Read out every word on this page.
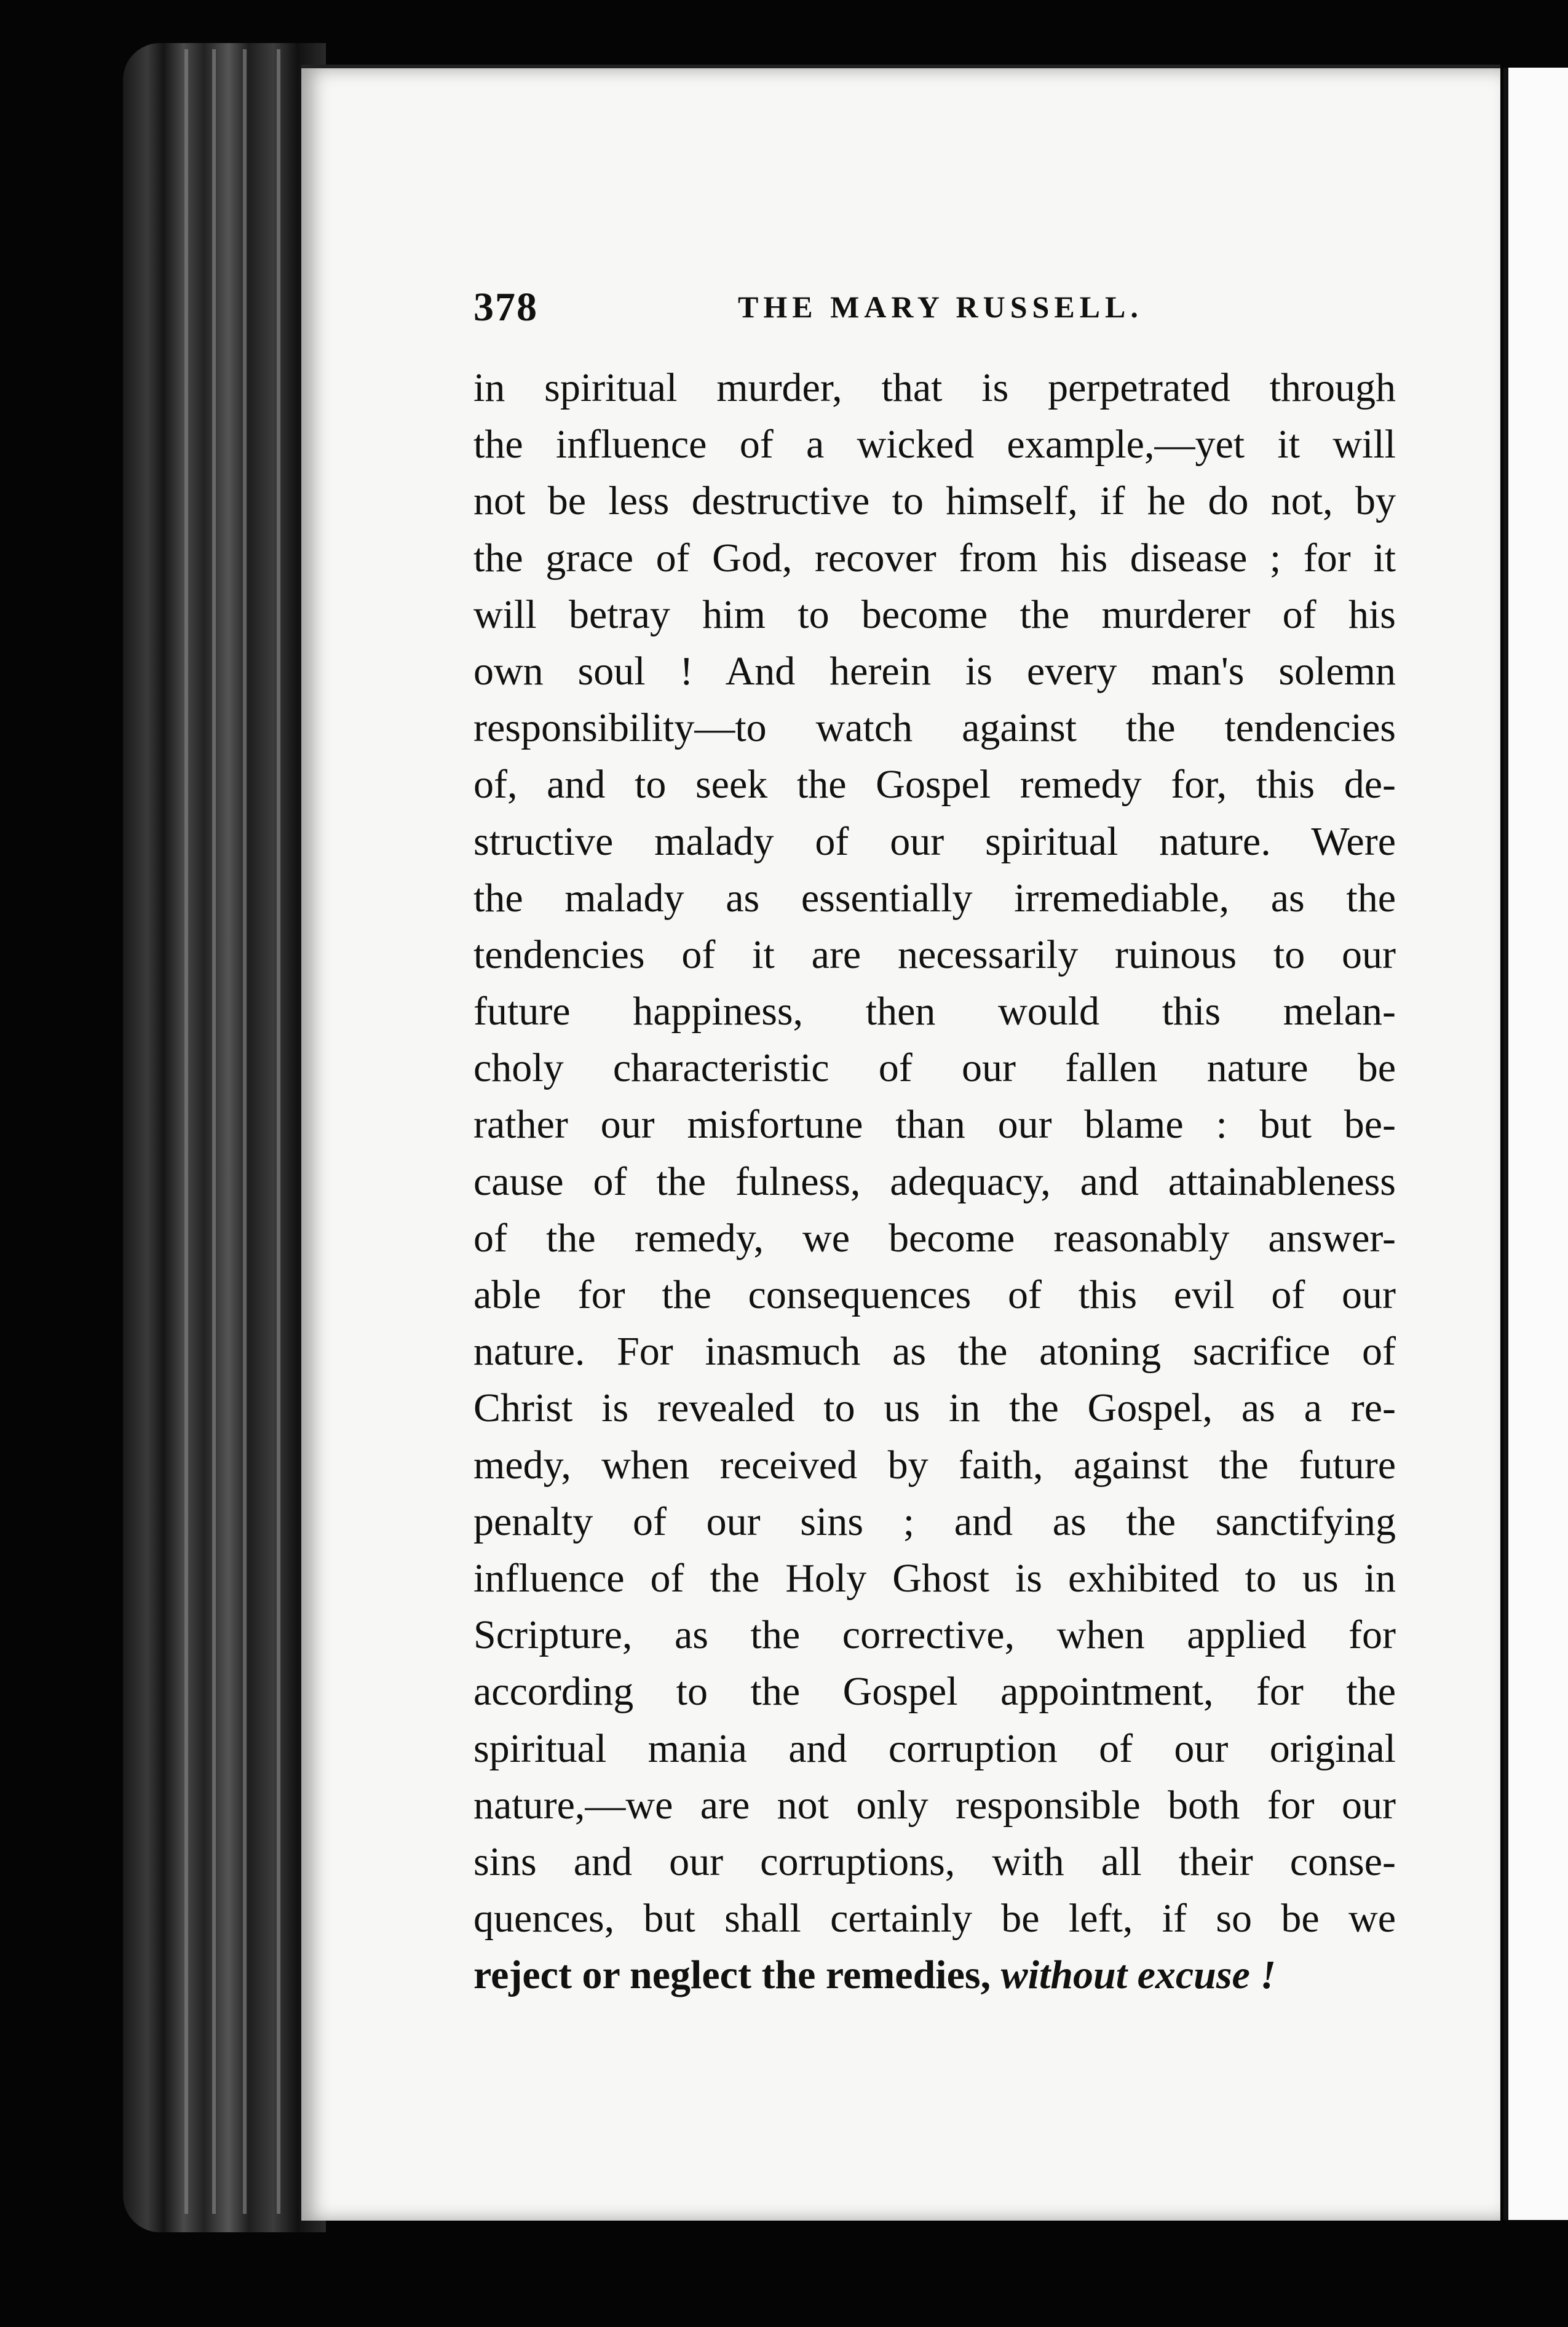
378	THE MARY RUSSELL.
in spiritual murder, that is perpetrated through
the influence of a wicked example,—yet it will
not be less destructive to himself, if he do not, by
the grace of God, recover from his disease ; for it
will betray him to become the murderer of his
own soul ! And herein is every man's solemn
responsibility—to watch against the tendencies
of, and to seek the Gospel remedy for, this de-
structive malady of our spiritual nature. Were
the malady as essentially irremediable, as the
tendencies of it are necessarily ruinous to our
future happiness, then would this melan-
choly characteristic of our fallen nature be
rather our misfortune than our blame : but be-
cause of the fulness, adequacy, and attainableness
of the remedy, we become reasonably answer-
able for the consequences of this evil of our
nature. For inasmuch as the atoning sacrifice of
Christ is revealed to us in the Gospel, as a re-
medy, when received by faith, against the future
penalty of our sins ; and as the sanctifying
influence of the Holy Ghost is exhibited to us in
Scripture, as the corrective, when applied for
according to the Gospel appointment, for the
spiritual mania and corruption of our original
nature,—we are not only responsible both for our
sins and our corruptions, with all their conse-
quences, but shall certainly be left, if so be we
reject or neglect the remedies, without excuse !
